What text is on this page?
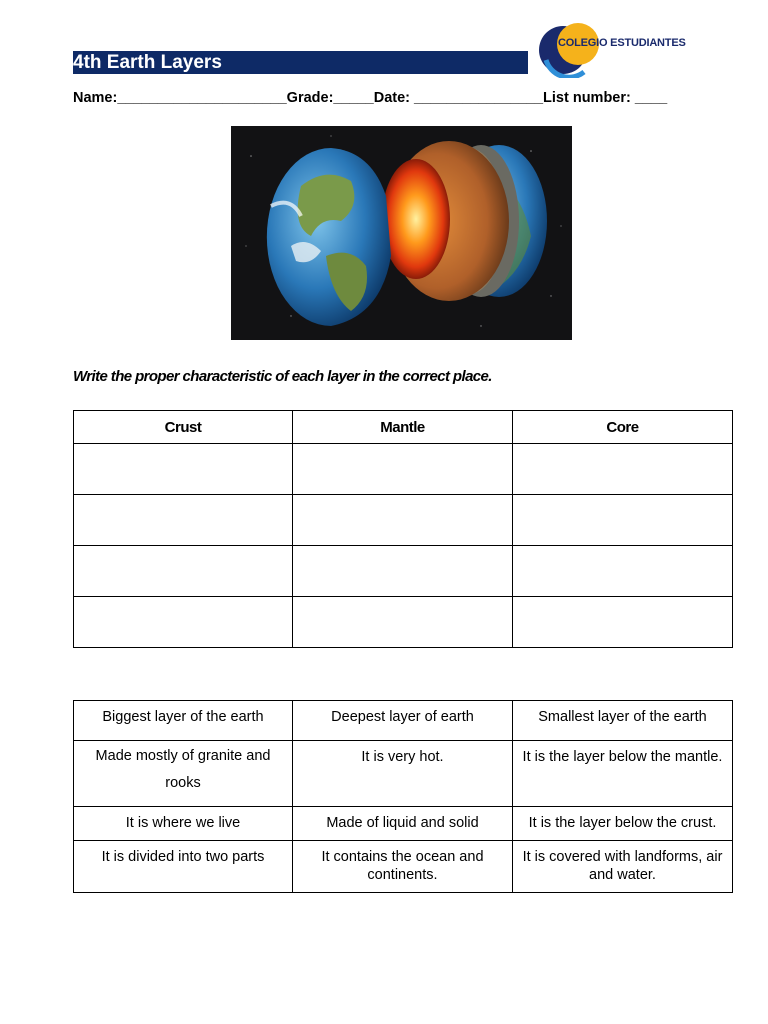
4th Earth Layers
COLEGIO ESTUDIANTES
Name:_____________________Grade:_____Date: ________________List number: ____
Write the proper characteristic of each layer in the correct place.
Crust	Mantle	Core

Biggest layer of the earth	Deepest layer of earth	Smallest layer of the earth
Made mostly of granite and rooks	It is very hot.	It is the layer below the mantle.
It is where we live	Made of liquid and solid	It is the layer below the crust.
It is divided into two parts	It contains the ocean and continents.	It is covered with landforms, air and water.
